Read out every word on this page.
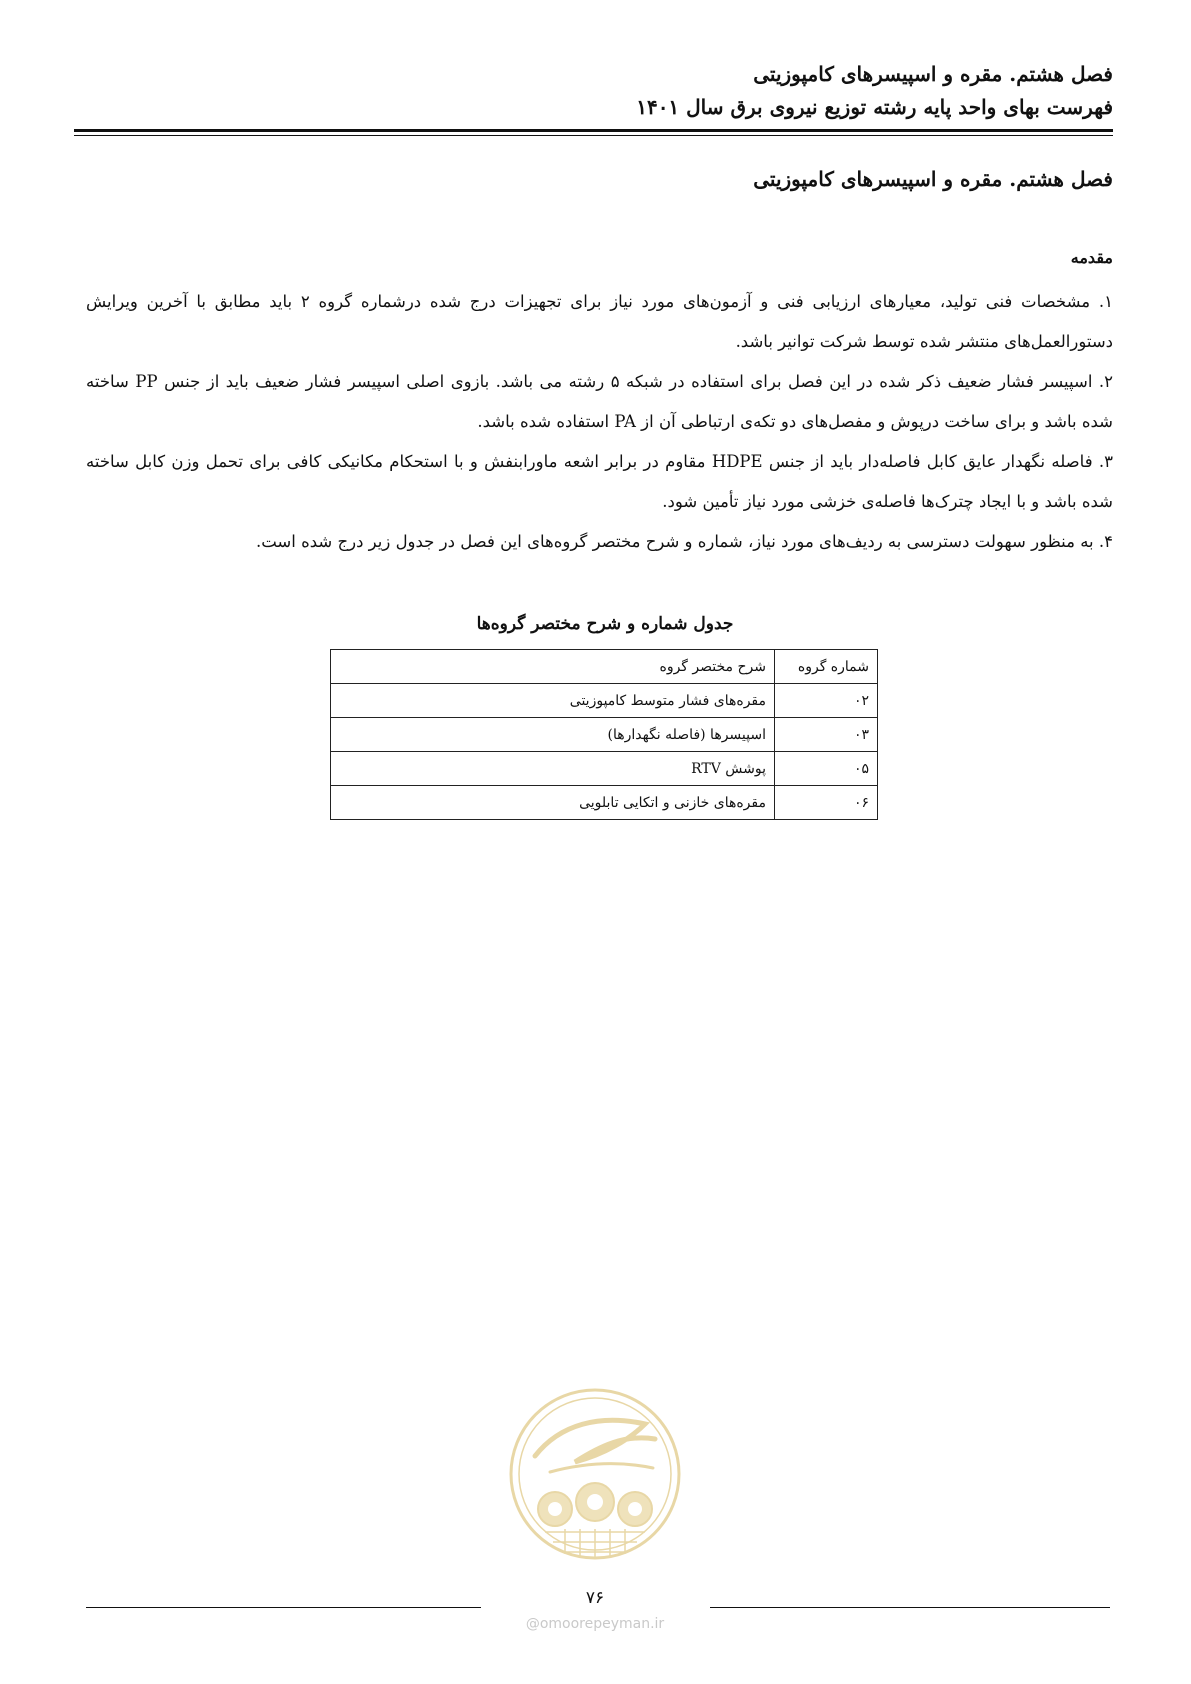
فصل هشتم. مقره و اسپیسرهای کامپوزیتی
فهرست بهای واحد پایه رشته توزیع نیروی برق سال ۱۴۰۱
فصل هشتم. مقره و اسپیسرهای کامپوزیتی
مقدمه

۱. مشخصات فنی تولید، معیارهای ارزیابی فنی و آزمون‌های مورد نیاز برای تجهیزات درج شده درشماره گروه ۲ باید مطابق با آخرین ویرایش دستورالعمل‌های منتشر شده توسط شرکت توانیر باشد.

۲. اسپیسر فشار ضعیف ذکر شده در این فصل برای استفاده در شبکه ۵ رشته می باشد. بازوی اصلی اسپیسر فشار ضعیف باید از جنس PP ساخته شده باشد و برای ساخت درپوش و مفصل‌های دو تکه‌ی ارتباطی آن از PA استفاده شده باشد.

۳. فاصله نگهدار عایق کابل فاصله‌دار باید از جنس HDPE مقاوم در برابر اشعه ماورابنفش و با استحکام مکانیکی کافی برای تحمل وزن کابل ساخته شده باشد و با ایجاد چترک‌ها فاصله‌ی خزشی مورد نیاز تأمین شود.

۴. به منظور سهولت دسترسی به ردیف‌های مورد نیاز، شماره و شرح مختصر گروه‌های این فصل در جدول زیر درج شده است.

جدول شماره و شرح مختصر گروه‌ها
شماره گروه	شرح مختصر گروه
۰۲	مقره‌های فشار متوسط کامپوزیتی
۰۳	اسپیسرها (فاصله نگهدارها)
۰۵	پوشش RTV
۰۶	مقره‌های خازنی و اتکایی تابلویی
۷۶
@omoorepeyman.ir
